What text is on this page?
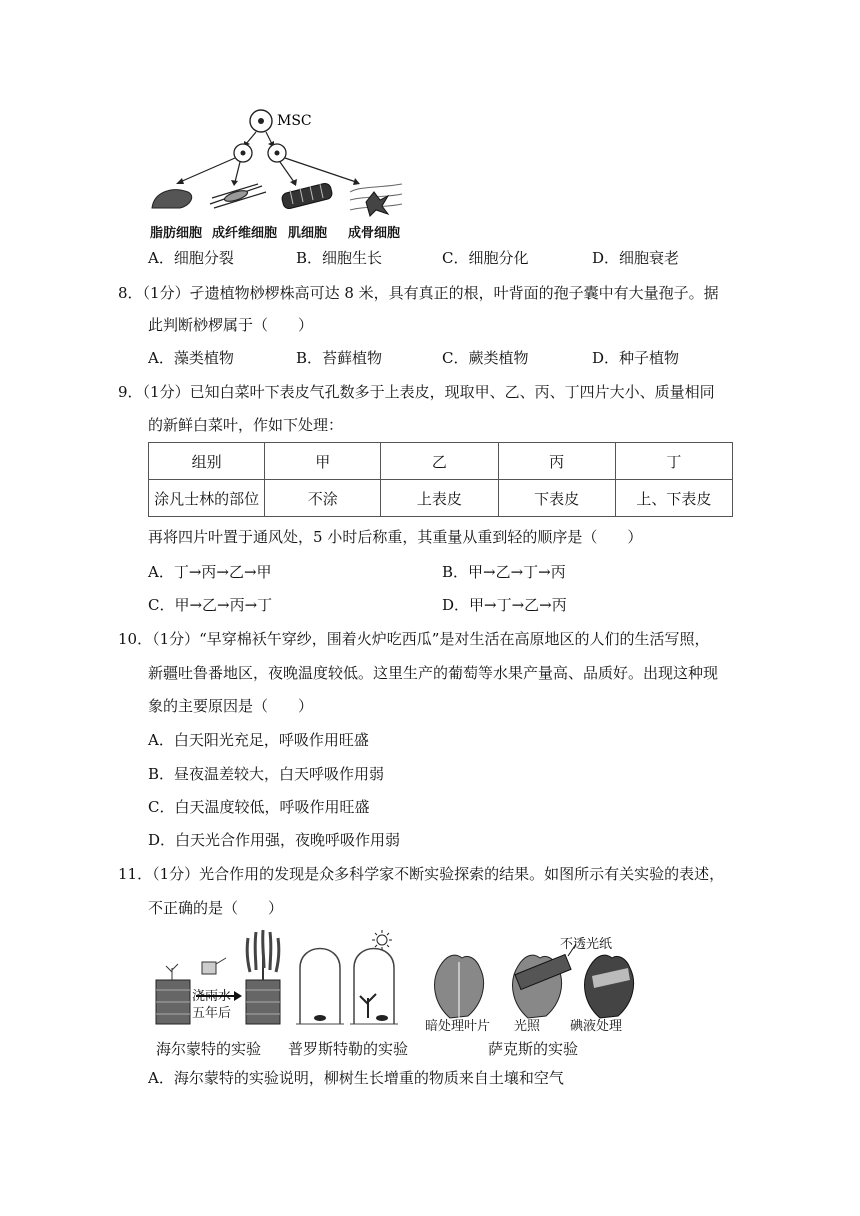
MSC
脂肪细胞 成纤维细胞 肌细胞 成骨细胞
A．细胞分裂	B．细胞生长	C．细胞分化	D．细胞衰老
8．（1分）孑遗植物桫椤株高可达 8 米，具有真正的根，叶背面的孢子囊中有大量孢子。据
此判断桫椤属于（　　）
A．藻类植物	B．苔藓植物	C．蕨类植物	D．种子植物
9．（1分）已知白菜叶下表皮气孔数多于上表皮，现取甲、乙、丙、丁四片大小、质量相同
的新鲜白菜叶，作如下处理：
组别	甲	乙	丙	丁
涂凡士林的部位	不涂	上表皮	下表皮	上、下表皮
再将四片叶置于通风处，5 小时后称重，其重量从重到轻的顺序是（　　）
A．丁→丙→乙→甲	B．甲→乙→丁→丙
C．甲→乙→丙→丁	D．甲→丁→乙→丙
10．（1分）“早穿棉袄午穿纱，围着火炉吃西瓜”是对生活在高原地区的人们的生活写照，
新疆吐鲁番地区，夜晚温度较低。这里生产的葡萄等水果产量高、品质好。出现这种现
象的主要原因是（　　）
A．白天阳光充足，呼吸作用旺盛
B．昼夜温差较大，白天呼吸作用弱
C．白天温度较低，呼吸作用旺盛
D．白天光合作用强，夜晚呼吸作用弱
11．（1分）光合作用的发现是众多科学家不断实验探索的结果。如图所示有关实验的表述，
不正确的是（　　）
不透光纸
浇雨水
五年后
暗处理叶片 光照 碘液处理
海尔蒙特的实验 普罗斯特勒的实验	萨克斯的实验
A．海尔蒙特的实验说明，柳树生长增重的物质来自土壤和空气
